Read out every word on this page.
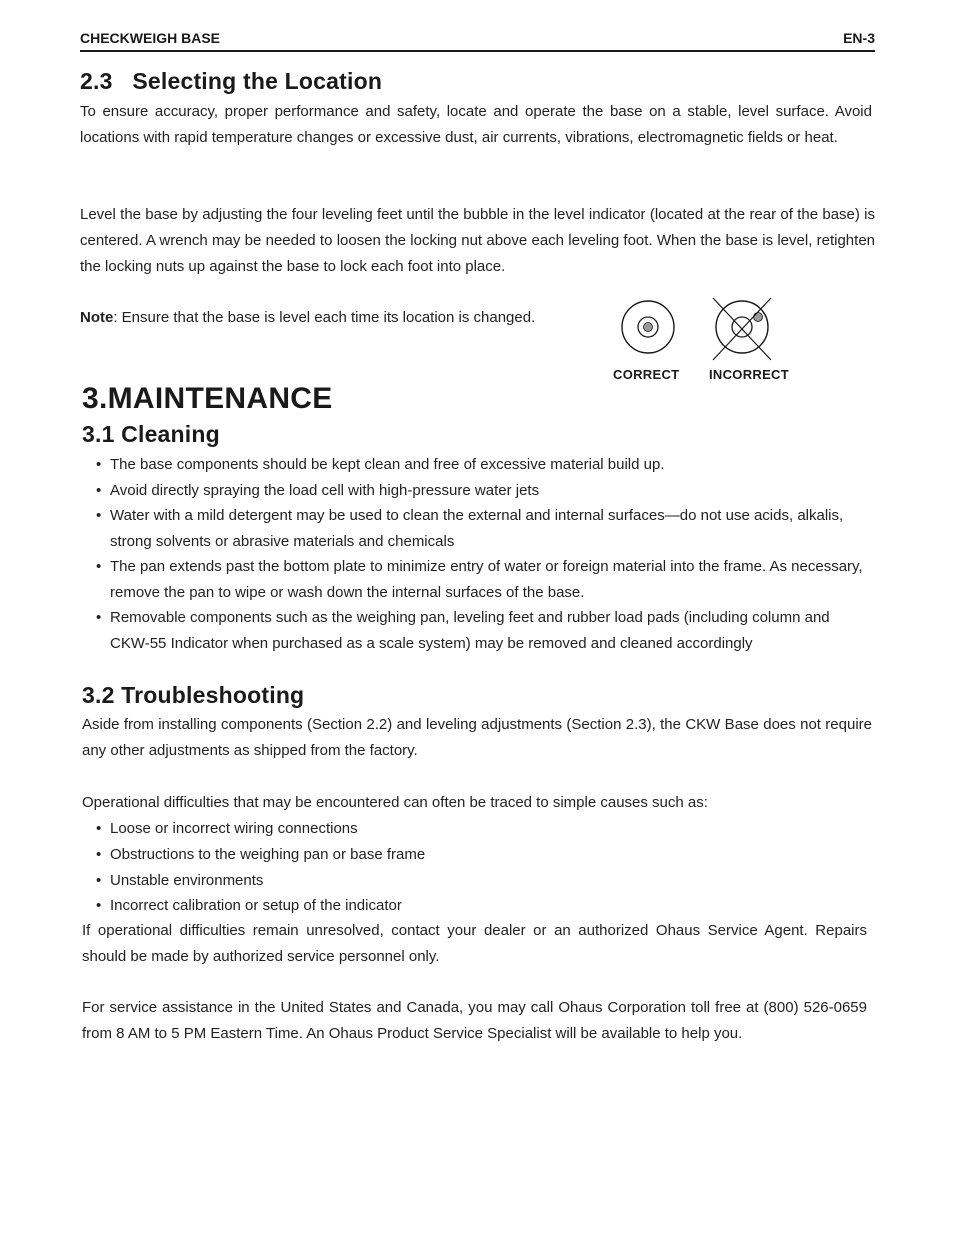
CHECKWEIGH BASE	EN-3
2.3   Selecting the Location
To ensure accuracy, proper performance and safety, locate and operate the base on a stable, level surface. Avoid locations with rapid temperature changes or excessive dust, air currents, vibrations, electromagnetic fields or heat.
Level the base by adjusting the four leveling feet until the bubble in the level indicator (located at the rear of the base) is centered. A wrench may be needed to loosen the locking nut above each leveling foot. When the base is level, retighten the locking nuts up against the base to lock each foot into place.
Note: Ensure that the base is level each time its location is changed.
CORRECT INCORRECT
3.MAINTENANCE
3.1 Cleaning
• The base components should be kept clean and free of excessive material build up.
• Avoid directly spraying the load cell with high-pressure water jets
• Water with a mild detergent may be used to clean the external and internal surfaces—do not use acids, alkalis, strong solvents or abrasive materials and chemicals
• The pan extends past the bottom plate to minimize entry of water or foreign material into the frame. As necessary, remove the pan to wipe or wash down the internal surfaces of the base.
• Removable components such as the weighing pan, leveling feet and rubber load pads (including column and CKW-55 Indicator when purchased as a scale system) may be removed and cleaned accordingly
3.2 Troubleshooting
Aside from installing components (Section 2.2) and leveling adjustments (Section 2.3), the CKW Base does not require any other adjustments as shipped from the factory.
Operational difficulties that may be encountered can often be traced to simple causes such as:
• Loose or incorrect wiring connections
• Obstructions to the weighing pan or base frame
• Unstable environments
• Incorrect calibration or setup of the indicator
If operational difficulties remain unresolved, contact your dealer or an authorized Ohaus Service Agent. Repairs should be made by authorized service personnel only.
For service assistance in the United States and Canada, you may call Ohaus Corporation toll free at (800) 526-0659 from 8 AM to 5 PM Eastern Time. An Ohaus Product Service Specialist will be available to help you.
